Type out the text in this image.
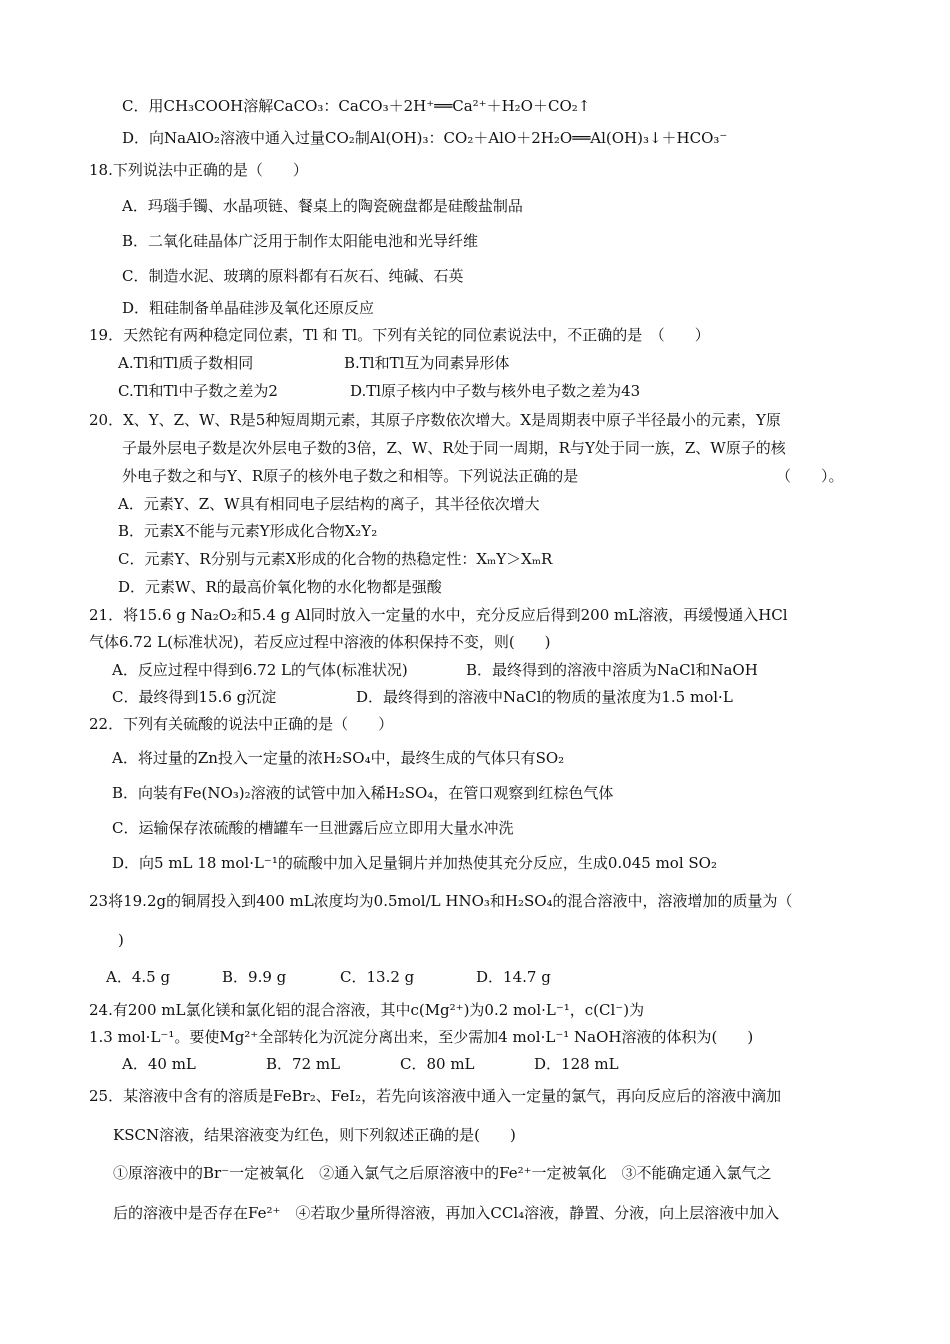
C．用CH₃COOH溶解CaCO₃：CaCO₃＋2H⁺══Ca²⁺＋H₂O＋CO₂↑
D．向NaAlO₂溶液中通入过量CO₂制Al(OH)₃：CO₂＋AlO＋2H₂O══Al(OH)₃↓＋HCO₃⁻
18.下列说法中正确的是（　　）
A．玛瑙手镯、水晶项链、餐桌上的陶瓷碗盘都是硅酸盐制品
B．二氧化硅晶体广泛用于制作太阳能电池和光导纤维
C．制造水泥、玻璃的原料都有石灰石、纯碱、石英
D．粗硅制备单晶硅涉及氧化还原反应
19．天然铊有两种稳定同位素，Tl 和 Tl。下列有关铊的同位素说法中，不正确的是　（　　）
A.Tl和Tl质子数相同	B.Tl和Tl互为同素异形体
C.Tl和Tl中子数之差为2	D.Tl原子核内中子数与核外电子数之差为43
20．X、Y、Z、W、R是5种短周期元素，其原子序数依次增大。X是周期表中原子半径最小的元素，Y原
子最外层电子数是次外层电子数的3倍，Z、W、R处于同一周期，R与Y处于同一族，Z、W原子的核
外电子数之和与Y、R原子的核外电子数之和相等。下列说法正确的是	（　　）。
A．元素Y、Z、W具有相同电子层结构的离子，其半径依次增大
B．元素X不能与元素Y形成化合物X₂Y₂
C．元素Y、R分别与元素X形成的化合物的热稳定性：XₘY＞XₘR
D．元素W、R的最高价氧化物的水化物都是强酸
21．将15.6 g Na₂O₂和5.4 g Al同时放入一定量的水中，充分反应后得到200 mL溶液，再缓慢通入HCl
气体6.72 L(标准状况)，若反应过程中溶液的体积保持不变，则(　　)
A．反应过程中得到6.72 L的气体(标准状况)	B．最终得到的溶液中溶质为NaCl和NaOH
C．最终得到15.6 g沉淀	D．最终得到的溶液中NaCl的物质的量浓度为1.5 mol·L
22．下列有关硫酸的说法中正确的是（　　）
A．将过量的Zn投入一定量的浓H₂SO₄中，最终生成的气体只有SO₂
B．向装有Fe(NO₃)₂溶液的试管中加入稀H₂SO₄，在管口观察到红棕色气体
C．运输保存浓硫酸的槽罐车一旦泄露后应立即用大量水冲洗
D．向5 mL 18 mol·L⁻¹的硫酸中加入足量铜片并加热使其充分反应，生成0.045 mol SO₂
23将19.2g的铜屑投入到400 mL浓度均为0.5mol/L HNO₃和H₂SO₄的混合溶液中，溶液增加的质量为（
)
A．4.5 g	B．9.9 g	C．13.2 g	D．14.7 g
24.有200 mL氯化镁和氯化铝的混合溶液，其中c(Mg²⁺)为0.2 mol·L⁻¹，c(Cl⁻)为
1.3 mol·L⁻¹。要使Mg²⁺全部转化为沉淀分离出来，至少需加4 mol·L⁻¹ NaOH溶液的体积为(　　)
A．40 mL	B．72 mL	C．80 mL	D．128 mL
25．某溶液中含有的溶质是FeBr₂、FeI₂，若先向该溶液中通入一定量的氯气，再向反应后的溶液中滴加
KSCN溶液，结果溶液变为红色，则下列叙述正确的是(　　)
①原溶液中的Br⁻一定被氧化　②通入氯气之后原溶液中的Fe²⁺一定被氧化　③不能确定通入氯气之
后的溶液中是否存在Fe²⁺　④若取少量所得溶液，再加入CCl₄溶液，静置、分液，向上层溶液中加入
